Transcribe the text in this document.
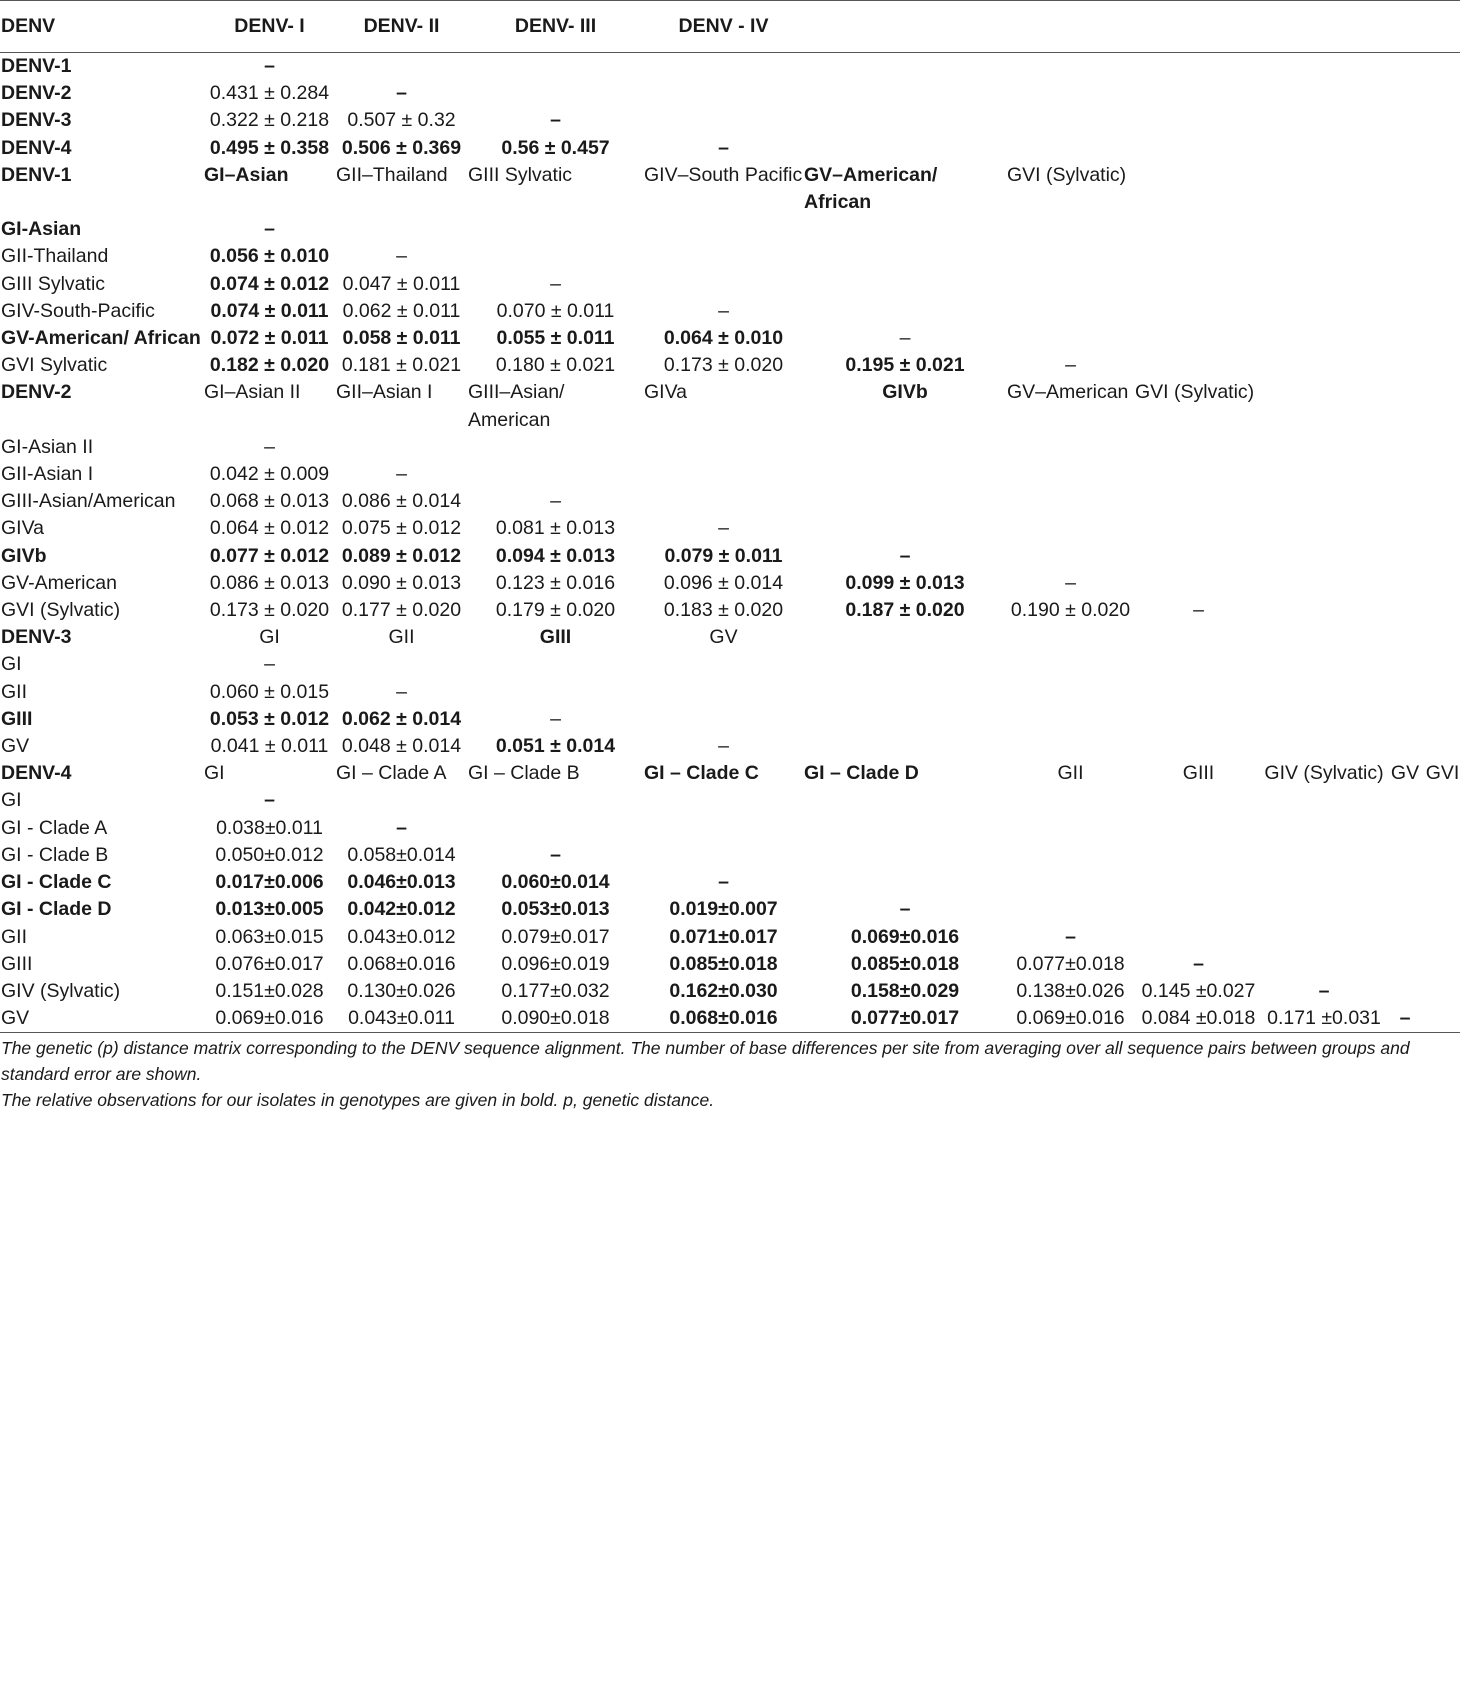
DENV	DENV- I	DENV- II	DENV- III	DENV - IV						
DENV-1	–									
DENV-2	0.431 ± 0.284	–								
DENV-3	0.322 ± 0.218	0.507 ± 0.32	–							
DENV-4	0.495 ± 0.358	0.506 ± 0.369	0.56 ± 0.457	–						
DENV-1	GI–Asian	GII–Thailand	GIII Sylvatic	GIV–South Pacific	GV–American/ African	GVI (Sylvatic)				
GI-Asian	–									
GII-Thailand	0.056 ± 0.010	–								
GIII Sylvatic	0.074 ± 0.012	0.047 ± 0.011	–							
GIV-South-Pacific	0.074 ± 0.011	0.062 ± 0.011	0.070 ± 0.011	–						
GV-American/ African	0.072 ± 0.011	0.058 ± 0.011	0.055 ± 0.011	0.064 ± 0.010	–					
GVI Sylvatic	0.182 ± 0.020	0.181 ± 0.021	0.180 ± 0.021	0.173 ± 0.020	0.195 ± 0.021	–				
DENV-2	GI–Asian II	GII–Asian I	GIII–Asian/ American	GIVa	GIVb	GV–American	GVI (Sylvatic)			
GI-Asian II	–									
GII-Asian I	0.042 ± 0.009	–								
GIII-Asian/American	0.068 ± 0.013	0.086 ± 0.014	–							
GIVa	0.064 ± 0.012	0.075 ± 0.012	0.081 ± 0.013	–						
GIVb	0.077 ± 0.012	0.089 ± 0.012	0.094 ± 0.013	0.079 ± 0.011	–					
GV-American	0.086 ± 0.013	0.090 ± 0.013	0.123 ± 0.016	0.096 ± 0.014	0.099 ± 0.013	–				
GVI (Sylvatic)	0.173 ± 0.020	0.177 ± 0.020	0.179 ± 0.020	0.183 ± 0.020	0.187 ± 0.020	0.190 ± 0.020	–			
DENV-3	GI	GII	GIII	GV						
GI	–									
GII	0.060 ± 0.015	–								
GIII	0.053 ± 0.012	0.062 ± 0.014	–							
GV	0.041 ± 0.011	0.048 ± 0.014	0.051 ± 0.014	–						
DENV-4	GI	GI – Clade A	GI – Clade B	GI – Clade C	GI – Clade D	GII	GIII	GIV (Sylvatic)	GV	GVI
GI	–									
GI - Clade A	0.038±0.011	–								
GI - Clade B	0.050±0.012	0.058±0.014	–							
GI - Clade C	0.017±0.006	0.046±0.013	0.060±0.014	–						
GI - Clade D	0.013±0.005	0.042±0.012	0.053±0.013	0.019±0.007	–					
GII	0.063±0.015	0.043±0.012	0.079±0.017	0.071±0.017	0.069±0.016	–				
GIII	0.076±0.017	0.068±0.016	0.096±0.019	0.085±0.018	0.085±0.018	0.077±0.018	–			
GIV (Sylvatic)	0.151±0.028	0.130±0.026	0.177±0.032	0.162±0.030	0.158±0.029	0.138±0.026	0.145 ±0.027	–		
GV	0.069±0.016	0.043±0.011	0.090±0.018	0.068±0.016	0.077±0.017	0.069±0.016	0.084 ±0.018	0.171 ±0.031	–	

The genetic (p) distance matrix corresponding to the DENV sequence alignment. The number of base differences per site from averaging over all sequence pairs between groups and standard error are shown.

The relative observations for our isolates in genotypes are given in bold. p, genetic distance.
